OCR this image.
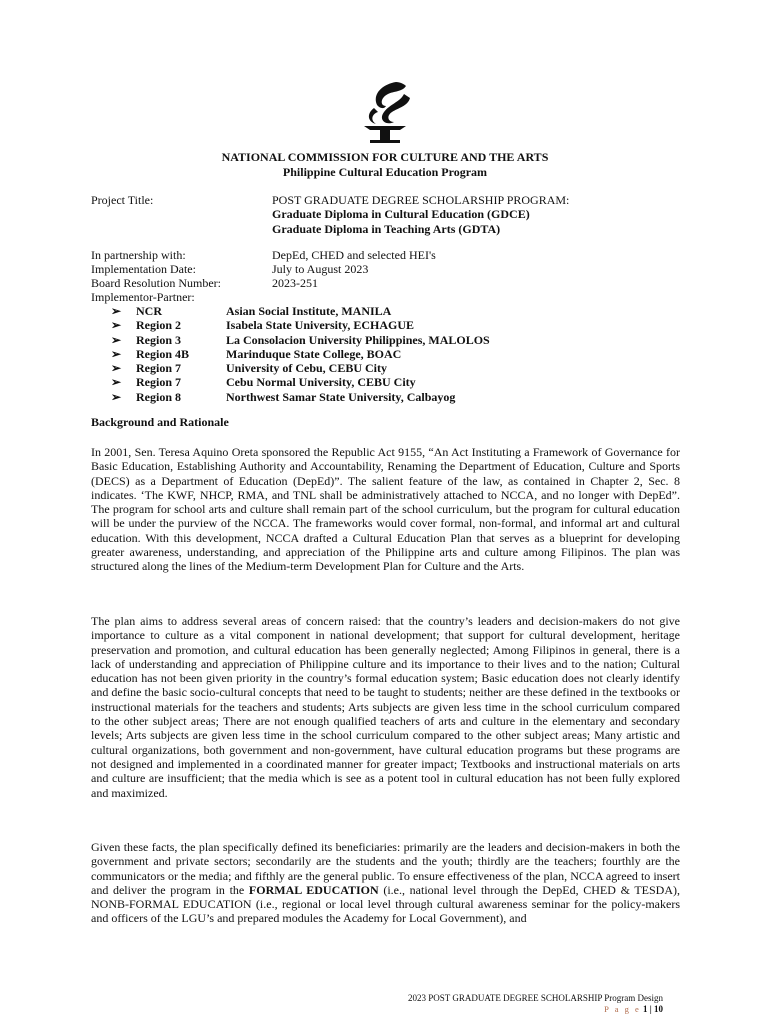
NATIONAL COMMISSION FOR CULTURE AND THE ARTS
Philippine Cultural Education Program
Project Title:	POST GRADUATE DEGREE SCHOLARSHIP PROGRAM:
Graduate Diploma in Cultural Education (GDCE)
Graduate Diploma in Teaching Arts (GDTA)
In partnership with:	DepEd, CHED and selected HEI's
Implementation Date:	July to August 2023
Board Resolution Number:	2023-251
Implementor-Partner:
➢	NCR	Asian Social Institute, MANILA
➢	Region 2	Isabela State University, ECHAGUE
➢	Region 3	La Consolacion University Philippines, MALOLOS
➢	Region 4B	Marinduque State College, BOAC
➢	Region 7	University of Cebu, CEBU City
➢	Region 7	Cebu Normal University, CEBU City
➢	Region 8	Northwest Samar State University, Calbayog
Background and Rationale

In 2001, Sen. Teresa Aquino Oreta sponsored the Republic Act 9155, “An Act Instituting a Framework of Governance for Basic Education, Establishing Authority and Accountability, Renaming the Department of Education, Culture and Sports (DECS) as a Department of Education (DepEd)”. The salient feature of the law, as contained in Chapter 2, Sec. 8 indicates. ‘The KWF, NHCP, RMA, and TNL shall be administratively attached to NCCA, and no longer with DepEd”. The program for school arts and culture shall remain part of the school curriculum, but the program for cultural education will be under the purview of the NCCA. The frameworks would cover formal, non-formal, and informal art and cultural education. With this development, NCCA drafted a Cultural Education Plan that serves as a blueprint for developing greater awareness, understanding, and appreciation of the Philippine arts and culture among Filipinos. The plan was structured along the lines of the Medium-term Development Plan for Culture and the Arts.

The plan aims to address several areas of concern raised: that the country’s leaders and decision-makers do not give importance to culture as a vital component in national development; that support for cultural development, heritage preservation and promotion, and cultural education has been generally neglected; Among Filipinos in general, there is a lack of understanding and appreciation of Philippine culture and its importance to their lives and to the nation; Cultural education has not been given priority in the country’s formal education system; Basic education does not clearly identify and define the basic socio-cultural concepts that need to be taught to students; neither are these defined in the textbooks or instructional materials for the teachers and students; Arts subjects are given less time in the school curriculum compared to the other subject areas; There are not enough qualified teachers of arts and culture in the elementary and secondary levels; Arts subjects are given less time in the school curriculum compared to the other subject areas; Many artistic and cultural organizations, both government and non-government, have cultural education programs but these programs are not designed and implemented in a coordinated manner for greater impact; Textbooks and instructional materials on arts and culture are insufficient; that the media which is see as a potent tool in cultural education has not been fully explored and maximized.

Given these facts, the plan specifically defined its beneficiaries: primarily are the leaders and decision-makers in both the government and private sectors; secondarily are the students and the youth; thirdly are the teachers; fourthly are the communicators or the media; and fifthly are the general public. To ensure effectiveness of the plan, NCCA agreed to insert and deliver the program in the FORMAL EDUCATION (i.e., national level through the DepEd, CHED & TESDA), NONB-FORMAL EDUCATION (i.e., regional or local level through cultural awareness seminar for the policy-makers and officers of the LGU’s and prepared modules the Academy for Local Government), and

2023 POST GRADUATE DEGREE SCHOLARSHIP Program Design
P a g e 1 | 10
